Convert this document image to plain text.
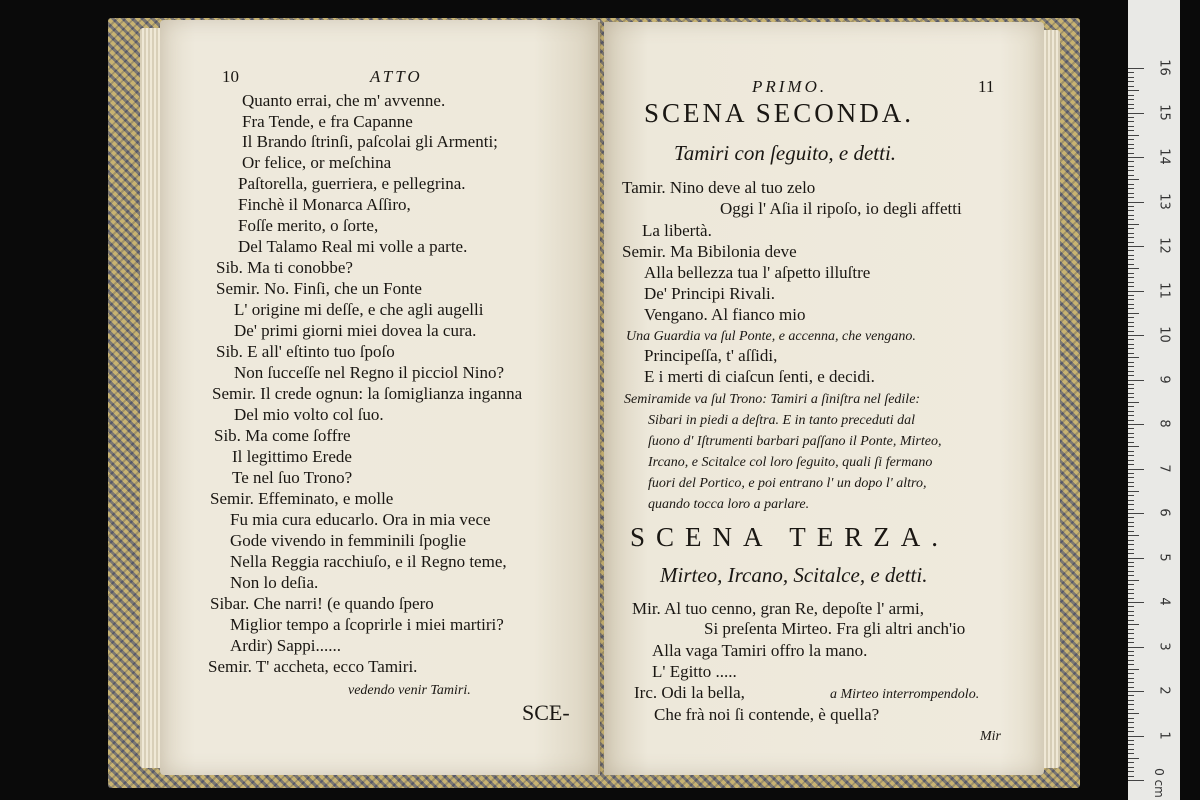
10	ATTO
Quanto errai, che m' avvenne.
Fra Tende, e fra Capanne
Il Brando ſtrinſi, paſcolai gli Armenti;
Or felice, or meſchina
Paſtorella, guerriera, e pellegrina.
Finchè il Monarca Aſſiro,
Foſſe merito, o ſorte,
Del Talamo Real mi volle a parte.
Sib. Ma ti conobbe?
Semir. No. Finſi, che un Fonte
L' origine mi deſſe, e che agli augelli
De' primi giorni miei dovea la cura.
Sib. E all' eſtinto tuo ſpoſo
Non ſucceſſe nel Regno il picciol Nino?
Semir. Il crede ognun: la ſomiglianza inganna
Del mio volto col ſuo.
Sib. Ma come ſoffre
Il legittimo Erede
Te nel ſuo Trono?
Semir. Effeminato, e molle
Fu mia cura educarlo. Ora in mia vece
Gode vivendo in femminili ſpoglie
Nella Reggia racchiuſo, e il Regno teme,
Non lo deſia.
Sibar. Che narri! (e quando ſpero
Miglior tempo a ſcoprirle i miei martiri?
Ardir) Sappi......
Semir. T' accheta, ecco Tamiri.
vedendo venir Tamiri.
SCE-
PRIMO.	11
SCENA SECONDA.
Tamiri con ſeguito, e detti.
Tamir. Nino deve al tuo zelo
Oggi l' Aſia il ripoſo, io degli affetti
La libertà.
Semir. Ma Bibilonia deve
Alla bellezza tua l' aſpetto illuſtre
De' Principi Rivali.
Vengano. Al fianco mio
Una Guardia va ſul Ponte, e accenna, che vengano.
Principeſſa, t' aſſidi,
E i merti di ciaſcun ſenti, e decidi.
Semiramide va ſul Trono: Tamiri a ſiniſtra nel ſedile:
Sibari in piedi a deſtra. E in tanto preceduti dal
ſuono d' Iſtrumenti barbari paſſano il Ponte, Mirteo,
Ircano, e Scitalce col loro ſeguito, quali ſi fermano
fuori del Portico, e poi entrano l' un dopo l' altro,
quando tocca loro a parlare.
SCENA TERZA.
Mirteo, Ircano, Scitalce, e detti.
Mir. Al tuo cenno, gran Re, depoſte l' armi,
Si preſenta Mirteo. Fra gli altri anch'io
Alla vaga Tamiri offro la mano.
L' Egitto .....
Irc. Odi la bella,	a Mirteo interrompendolo.
Che frà noi ſi contende, è quella?
Mir
0 cm
1
2
3
4
5
6
7
8
9
10
11
12
13
14
15
16
